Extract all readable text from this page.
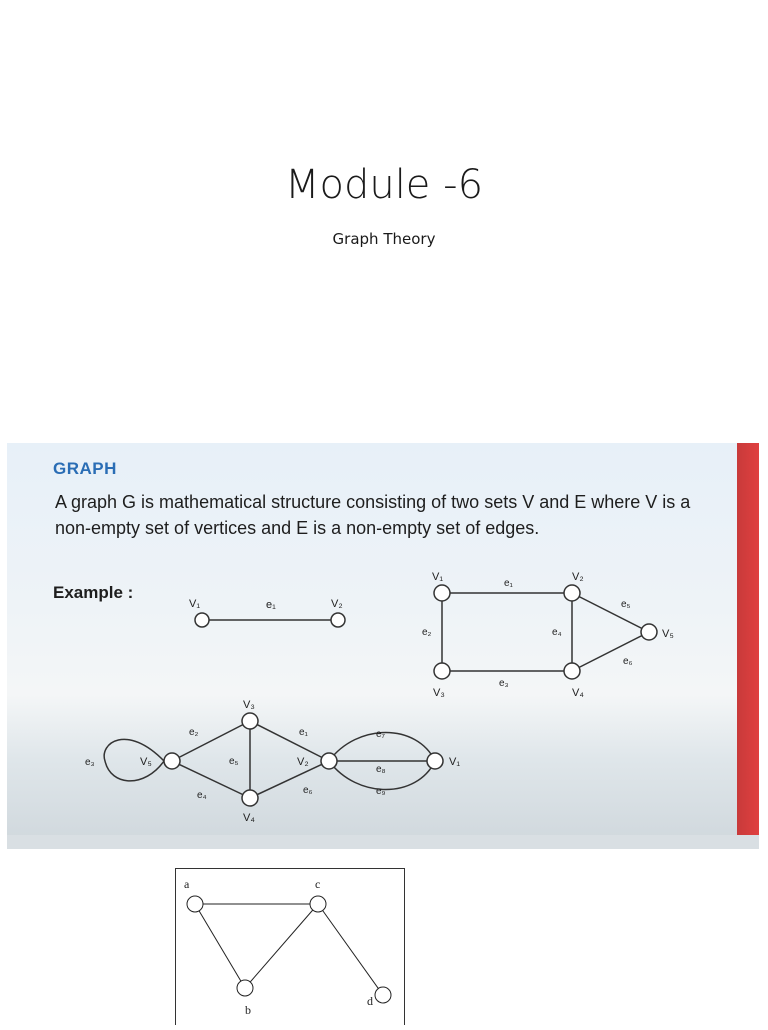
Module -6
Graph Theory
GRAPH
A graph G is mathematical structure consisting of two sets V and E where V is a non-empty set of vertices and E is a non-empty set of edges.
Example :
V₁	e₁	V₂
V₁	V₂
V₃	V₄
V₅
e₁
e₂
e₃
e₄
e₅
e₆
V₃
V₄
V₅	V₂	V₁
e₁
e₂
e₃
e₄
e₅
e₆
e₇
e₈
e₉
a	c
b
d
